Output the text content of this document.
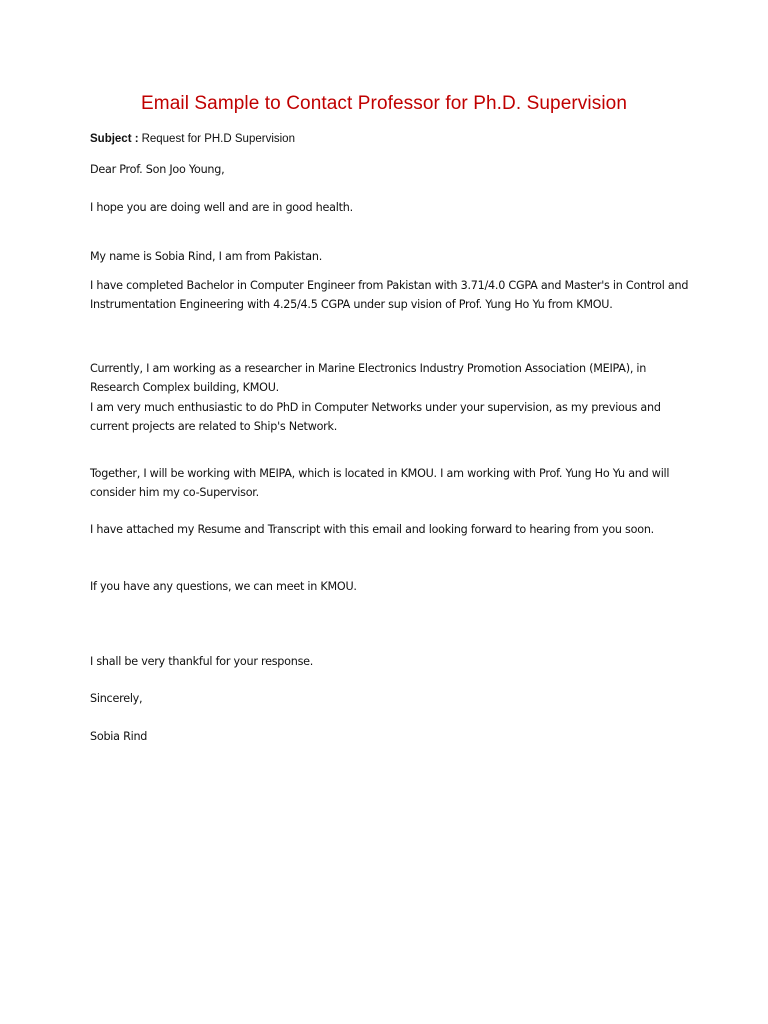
Email Sample to Contact Professor for Ph.D. Supervision
Subject : Request for PH.D Supervision
Dear Prof. Son Joo Young,
I hope you are doing well and are in good health.
My name is Sobia Rind, I am from Pakistan.
I have completed Bachelor in Computer Engineer from Pakistan with 3.71/4.0 CGPA and Master's in Control and Instrumentation Engineering with 4.25/4.5 CGPA under sup vision of Prof. Yung Ho Yu from KMOU.
Currently, I am working as a researcher in Marine Electronics Industry Promotion Association (MEIPA), in Research Complex building, KMOU.
I am very much enthusiastic to do PhD in Computer Networks under your supervision, as my previous and current projects are related to Ship's Network.
Together, I will be working with MEIPA, which is located in KMOU. I am working with Prof. Yung Ho Yu and will consider him my co-Supervisor.
I have attached my Resume and Transcript with this email and looking forward to hearing from you soon.
If you have any questions, we can meet in KMOU.
I shall be very thankful for your response.
Sincerely,
Sobia Rind
